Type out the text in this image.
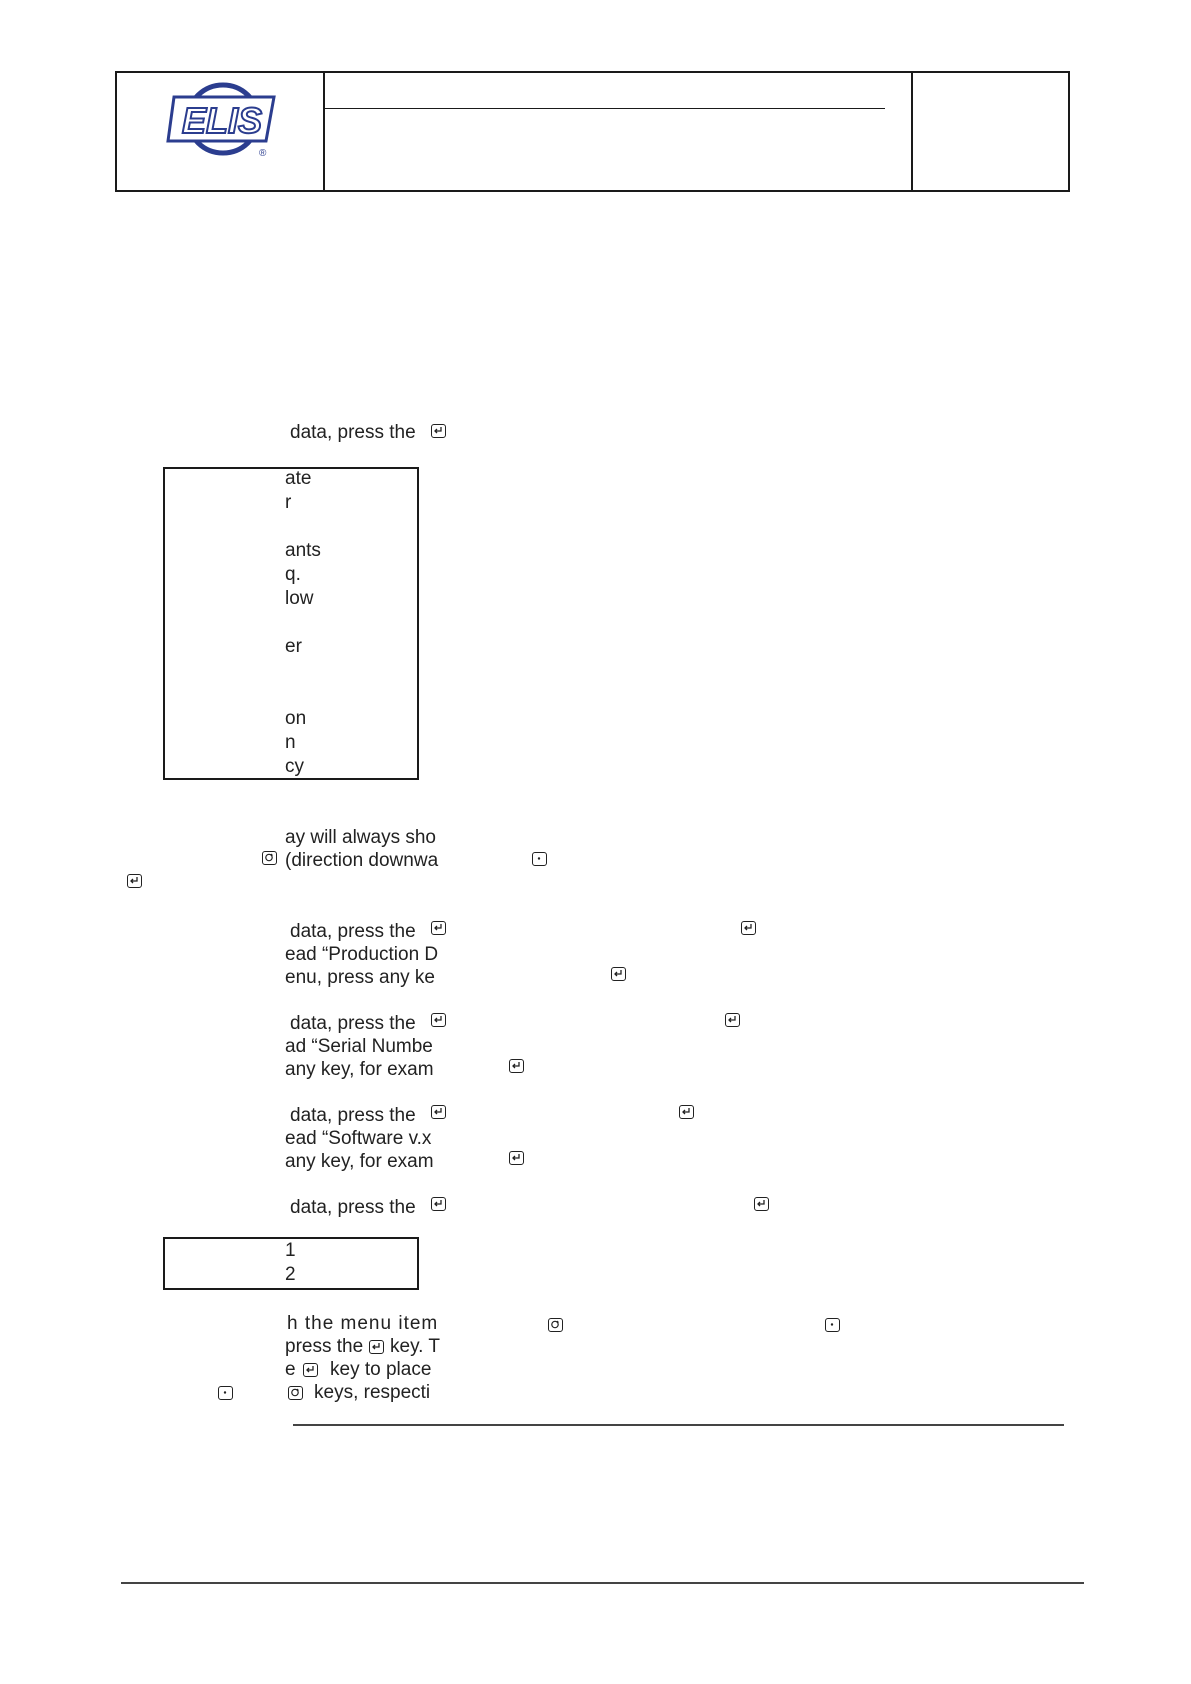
ELIS
®
data, press the
ate
r
ants
q.
low
er
on
n
cy
ay will always sho
(direction downwa
data, press the
ead “Production D
enu, press any ke
data, press the
ad “Serial Numbe
any key, for exam
data, press the
ead “Software v.x
any key, for exam
data, press the
1
2
h the menu item
press the key. T
e key to place
keys, respecti
